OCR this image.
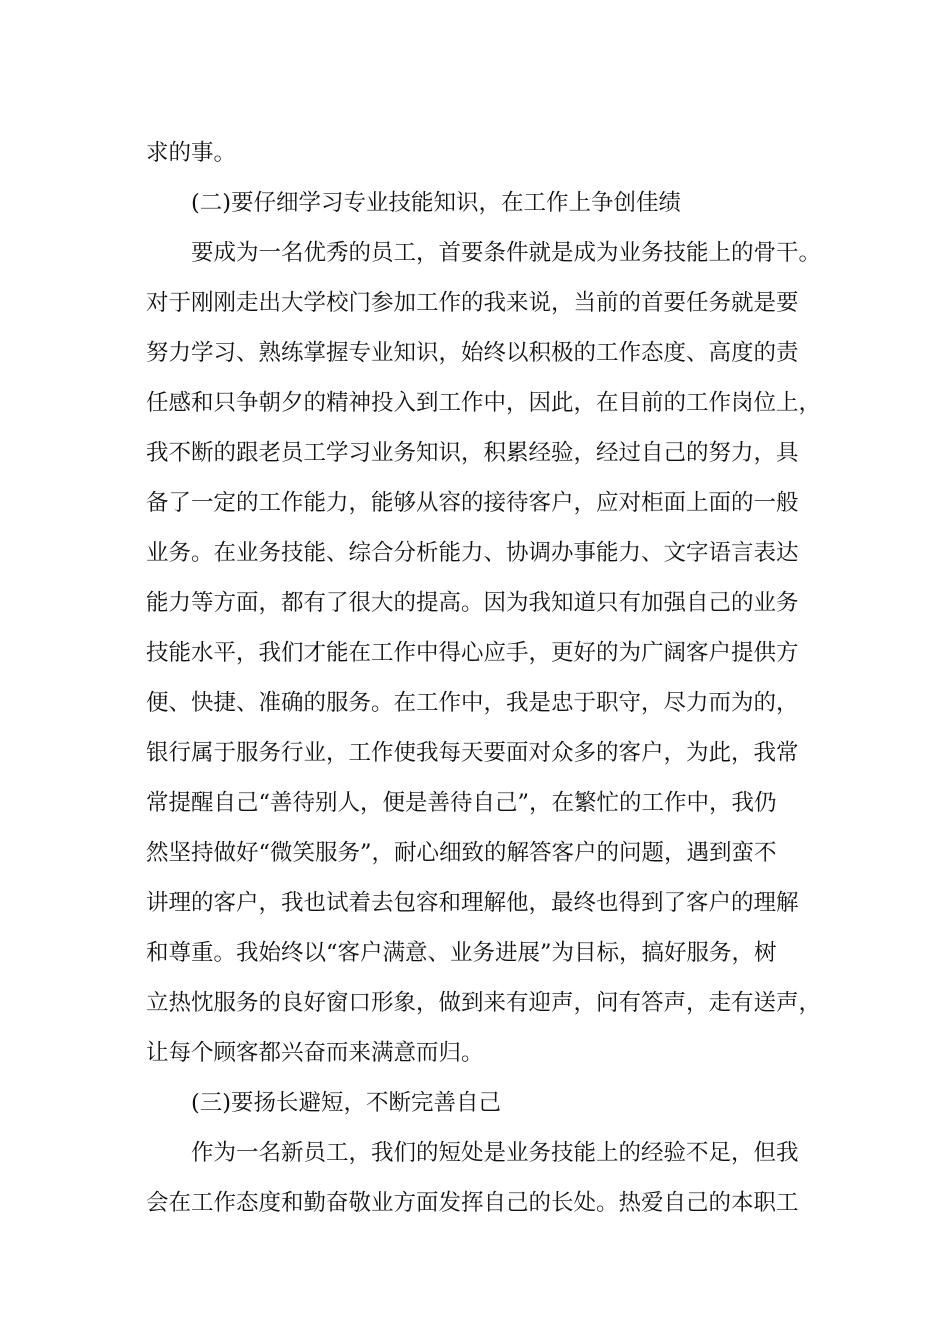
求的事。
(二)要仔细学习专业技能知识，在工作上争创佳绩
要成为一名优秀的员工，首要条件就是成为业务技能上的骨干。
对于刚刚走出大学校门参加工作的我来说，当前的首要任务就是要
努力学习、熟练掌握专业知识，始终以积极的工作态度、高度的责
任感和只争朝夕的精神投入到工作中，因此，在目前的工作岗位上，
我不断的跟老员工学习业务知识，积累经验，经过自己的努力，具
备了一定的工作能力，能够从容的接待客户，应对柜面上面的一般
业务。在业务技能、综合分析能力、协调办事能力、文字语言表达
能力等方面，都有了很大的提高。因为我知道只有加强自己的业务
技能水平，我们才能在工作中得心应手，更好的为广阔客户提供方
便、快捷、准确的服务。在工作中，我是忠于职守，尽力而为的，
银行属于服务行业，工作使我每天要面对众多的客户，为此，我常
常提醒自己“善待别人，便是善待自己”，在繁忙的工作中，我仍
然坚持做好“微笑服务”，耐心细致的解答客户的问题，遇到蛮不
讲理的客户，我也试着去包容和理解他，最终也得到了客户的理解
和尊重。我始终以“客户满意、业务进展”为目标，搞好服务，树
立热忱服务的良好窗口形象，做到来有迎声，问有答声，走有送声，
让每个顾客都兴奋而来满意而归。
(三)要扬长避短，不断完善自己
作为一名新员工，我们的短处是业务技能上的经验不足，但我
会在工作态度和勤奋敬业方面发挥自己的长处。热爱自己的本职工
